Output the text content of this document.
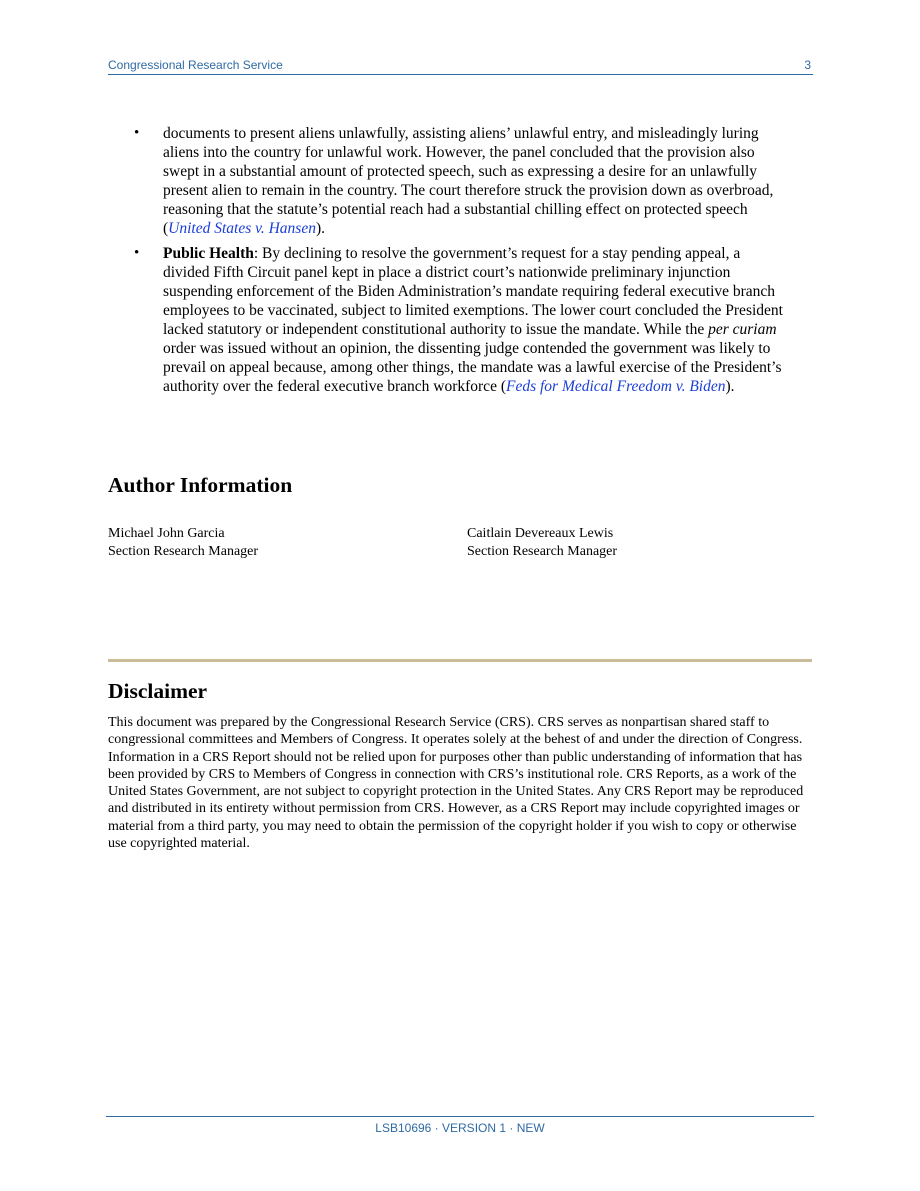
Congressional Research Service	3
• documents to present aliens unlawfully, assisting aliens’ unlawful entry, and misleadingly luring aliens into the country for unlawful work. However, the panel concluded that the provision also swept in a substantial amount of protected speech, such as expressing a desire for an unlawfully present alien to remain in the country. The court therefore struck the provision down as overbroad, reasoning that the statute’s potential reach had a substantial chilling effect on protected speech (United States v. Hansen).
• Public Health: By declining to resolve the government’s request for a stay pending appeal, a divided Fifth Circuit panel kept in place a district court’s nationwide preliminary injunction suspending enforcement of the Biden Administration’s mandate requiring federal executive branch employees to be vaccinated, subject to limited exemptions. The lower court concluded the President lacked statutory or independent constitutional authority to issue the mandate. While the per curiam order was issued without an opinion, the dissenting judge contended the government was likely to prevail on appeal because, among other things, the mandate was a lawful exercise of the President’s authority over the federal executive branch workforce (Feds for Medical Freedom v. Biden).
Author Information
Michael John Garcia
Section Research Manager
Caitlain Devereaux Lewis
Section Research Manager
Disclaimer

This document was prepared by the Congressional Research Service (CRS). CRS serves as nonpartisan shared staff to congressional committees and Members of Congress. It operates solely at the behest of and under the direction of Congress. Information in a CRS Report should not be relied upon for purposes other than public understanding of information that has been provided by CRS to Members of Congress in connection with CRS’s institutional role. CRS Reports, as a work of the United States Government, are not subject to copyright protection in the United States. Any CRS Report may be reproduced and distributed in its entirety without permission from CRS. However, as a CRS Report may include copyrighted images or material from a third party, you may need to obtain the permission of the copyright holder if you wish to copy or otherwise use copyrighted material.

LSB10696 · VERSION 1 · NEW
